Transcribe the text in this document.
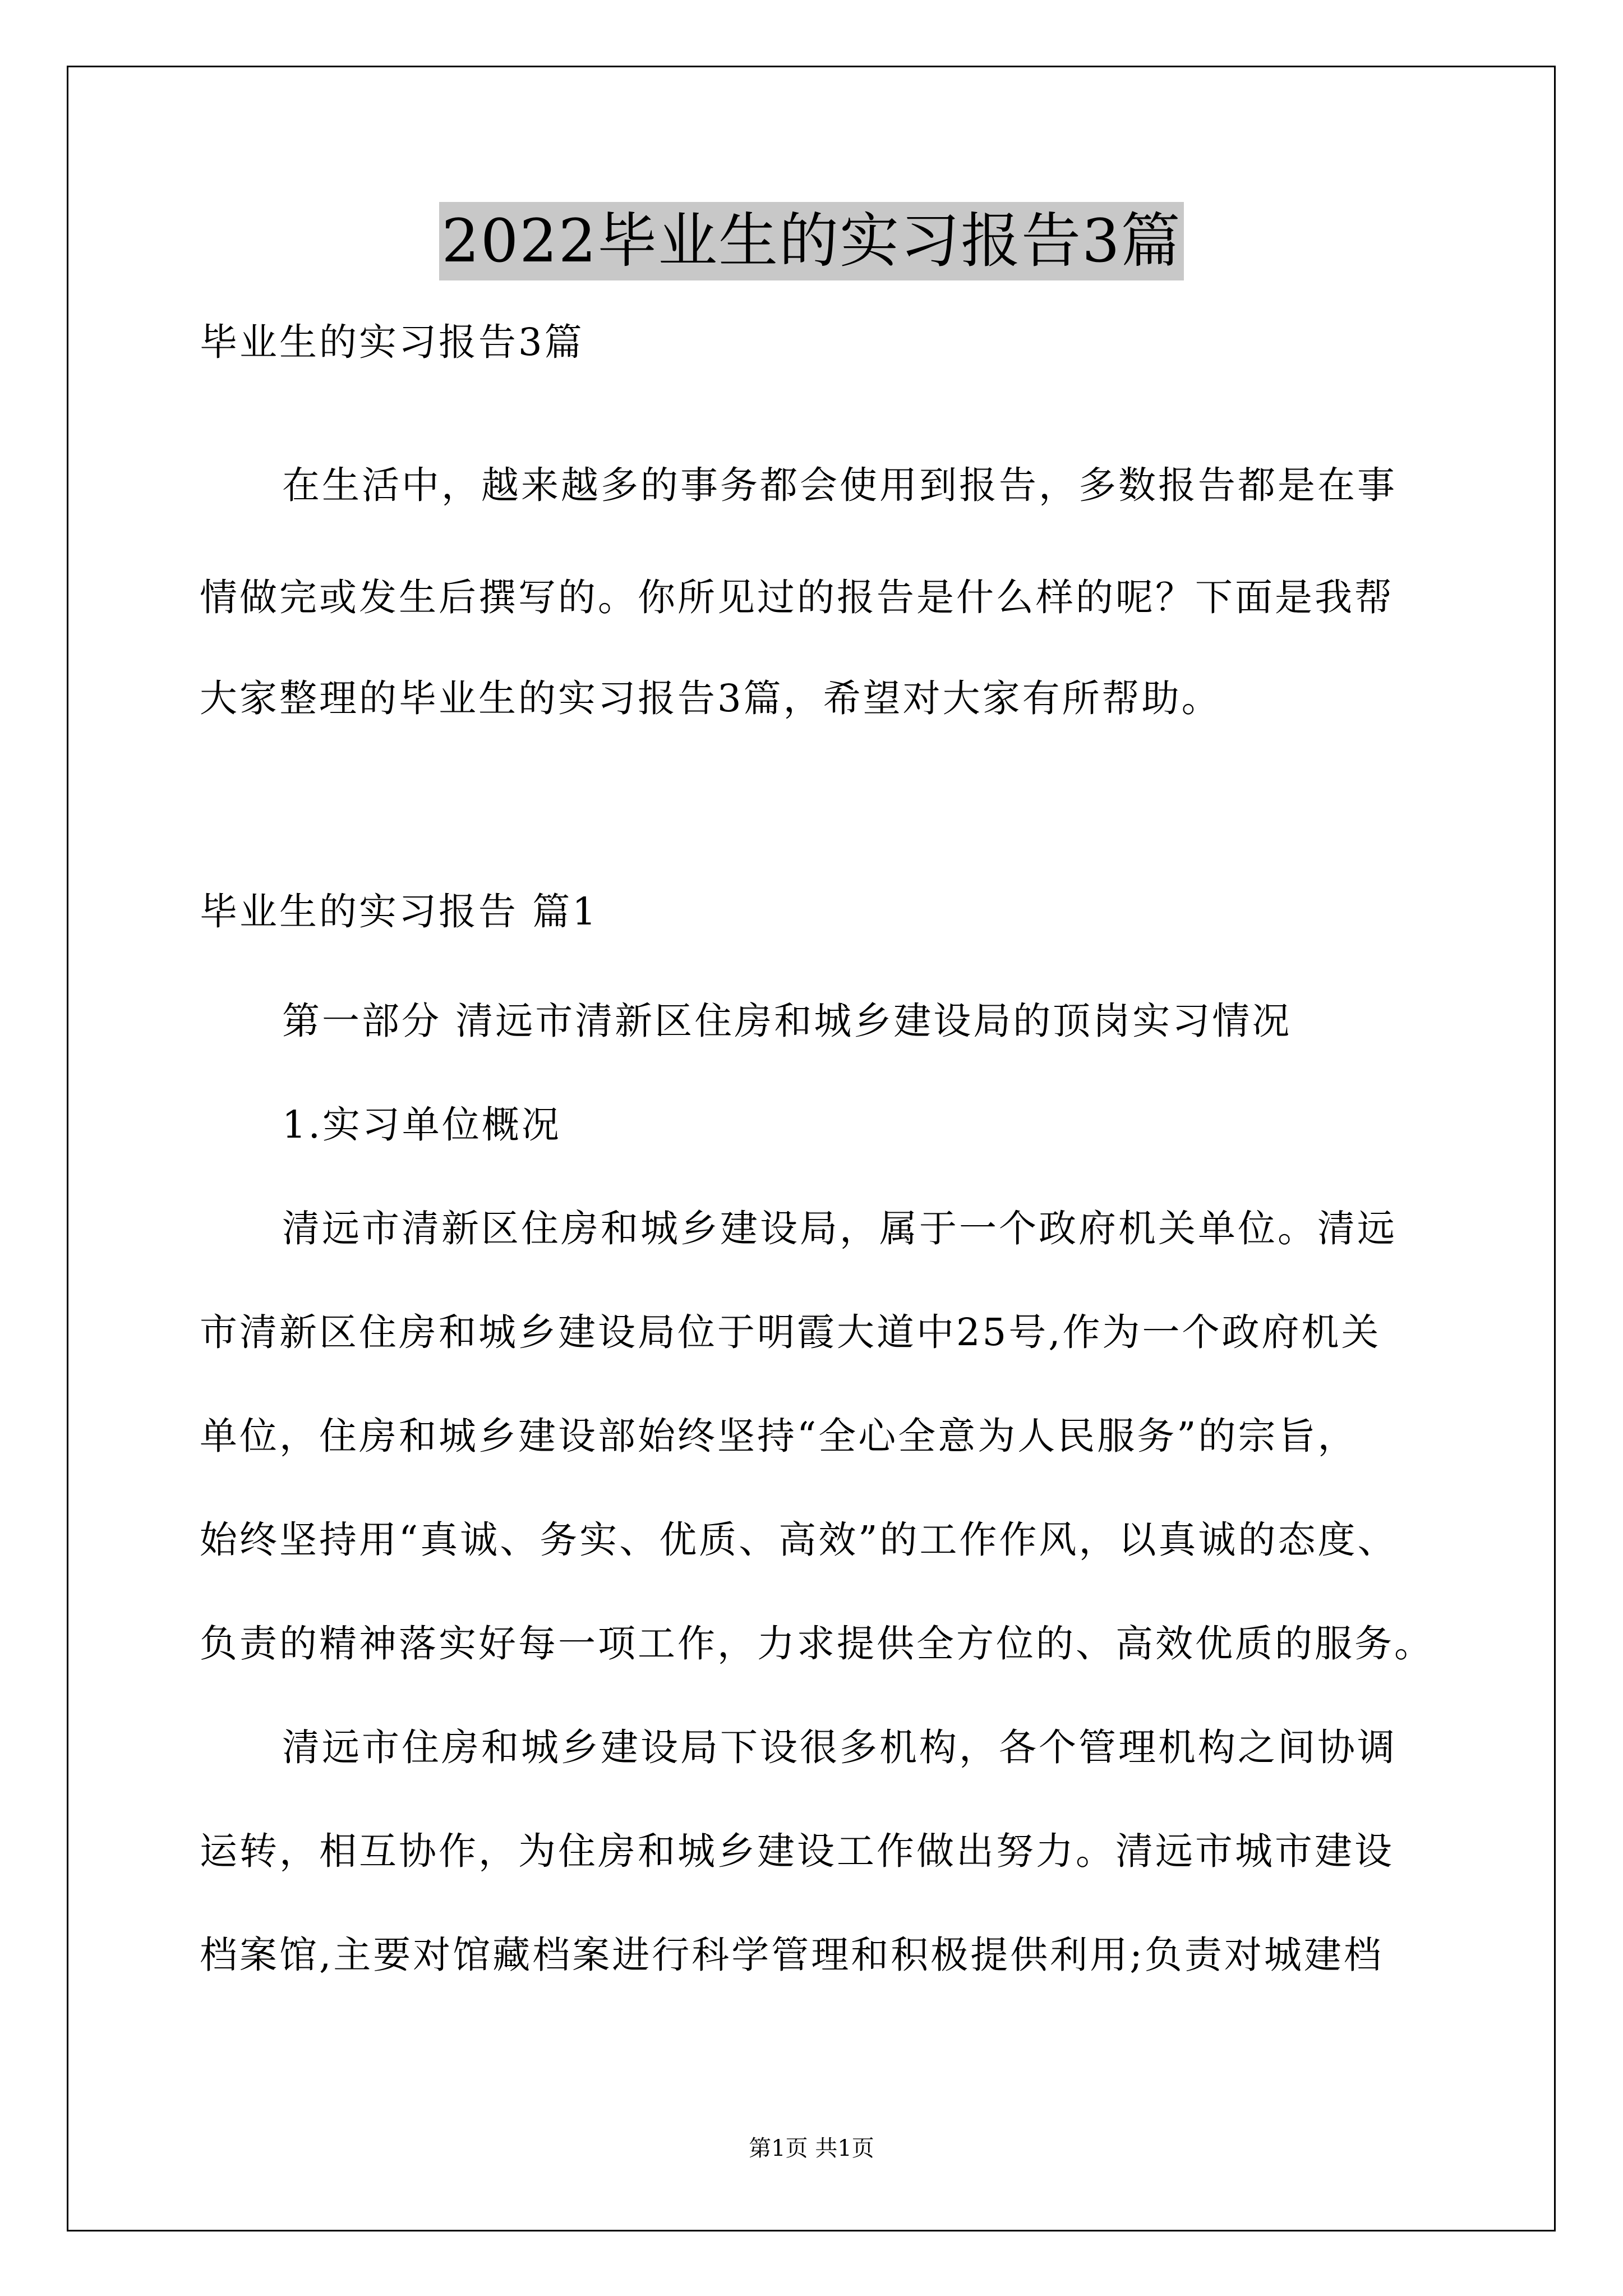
2022毕业生的实习报告3篇
毕业生的实习报告3篇
在生活中，越来越多的事务都会使用到报告，多数报告都是在事
情做完或发生后撰写的。你所见过的报告是什么样的呢？下面是我帮
大家整理的毕业生的实习报告3篇，希望对大家有所帮助。
毕业生的实习报告 篇1
第一部分 清远市清新区住房和城乡建设局的顶岗实习情况
1.实习单位概况
清远市清新区住房和城乡建设局，属于一个政府机关单位。清远
市清新区住房和城乡建设局位于明霞大道中25号,作为一个政府机关
单位，住房和城乡建设部始终坚持“全心全意为人民服务”的宗旨，
始终坚持用“真诚、务实、优质、高效”的工作作风，以真诚的态度、
负责的精神落实好每一项工作，力求提供全方位的、高效优质的服务。
清远市住房和城乡建设局下设很多机构，各个管理机构之间协调
运转，相互协作，为住房和城乡建设工作做出努力。清远市城市建设
档案馆,主要对馆藏档案进行科学管理和积极提供利用;负责对城建档
第1页 共1页
